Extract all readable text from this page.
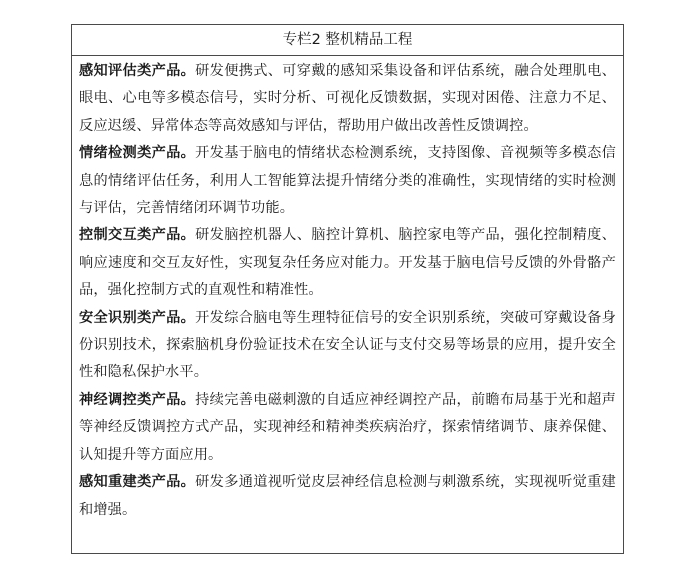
专栏2 整机精品工程

感知评估类产品。研发便携式、可穿戴的感知采集设备和评估系统，融合处理肌电、眼电、心电等多模态信号，实时分析、可视化反馈数据，实现对困倦、注意力不足、反应迟缓、异常体态等高效感知与评估，帮助用户做出改善性反馈调控。

情绪检测类产品。开发基于脑电的情绪状态检测系统，支持图像、音视频等多模态信息的情绪评估任务，利用人工智能算法提升情绪分类的准确性，实现情绪的实时检测与评估，完善情绪闭环调节功能。

控制交互类产品。研发脑控机器人、脑控计算机、脑控家电等产品，强化控制精度、响应速度和交互友好性，实现复杂任务应对能力。开发基于脑电信号反馈的外骨骼产品，强化控制方式的直观性和精准性。

安全识别类产品。开发综合脑电等生理特征信号的安全识别系统，突破可穿戴设备身份识别技术，探索脑机身份验证技术在安全认证与支付交易等场景的应用，提升安全性和隐私保护水平。

神经调控类产品。持续完善电磁刺激的自适应神经调控产品，前瞻布局基于光和超声等神经反馈调控方式产品，实现神经和精神类疾病治疗，探索情绪调节、康养保健、认知提升等方面应用。

感知重建类产品。研发多通道视听觉皮层神经信息检测与刺激系统，实现视听觉重建和增强。
